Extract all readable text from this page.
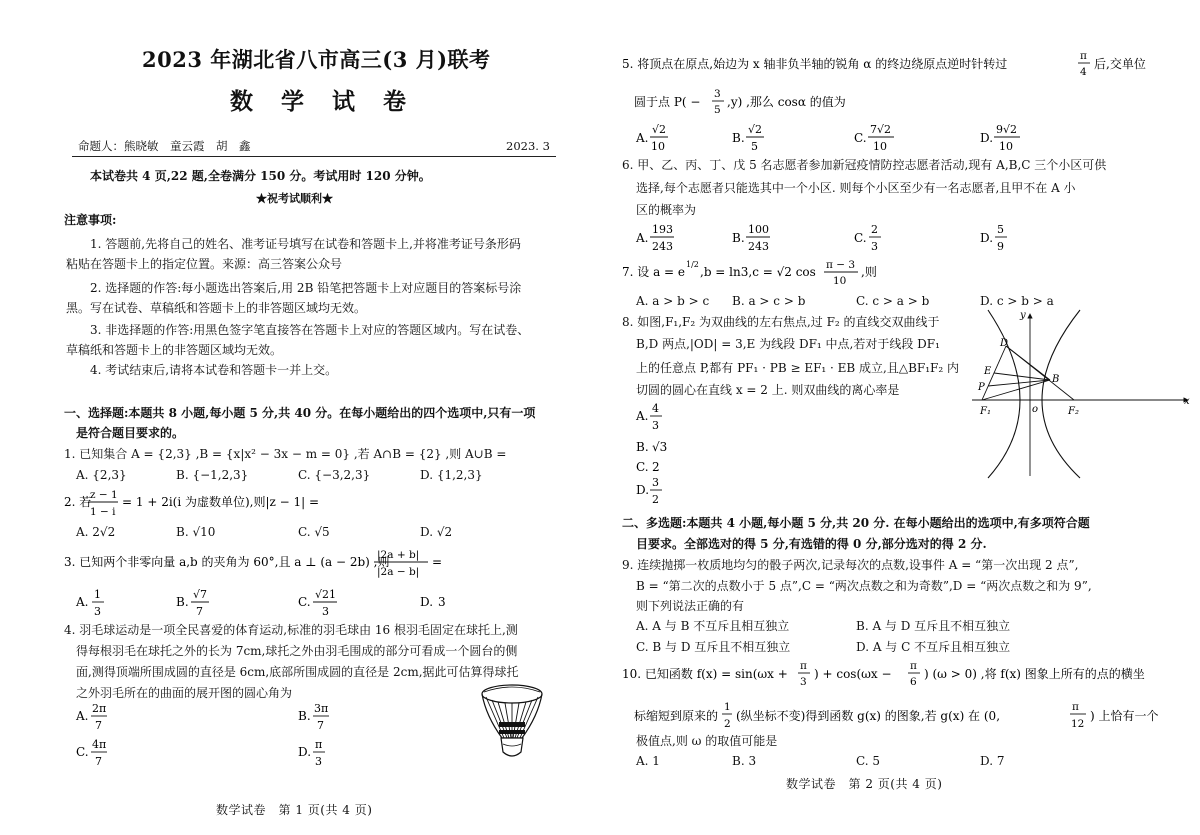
2023 年湖北省八市高三(3 月)联考
数 学 试 卷
命题人：熊晓敏　童云霞　胡　鑫	2023. 3
本试卷共 4 页,22 题,全卷满分 150 分。考试用时 120 分钟。
★祝考试顺利★
注意事项:
1. 答题前,先将自己的姓名、准考证号填写在试卷和答题卡上,并将准考证号条形码
粘贴在答题卡上的指定位置。来源：高三答案公众号
2. 选择题的作答:每小题选出答案后,用 2B 铅笔把答题卡上对应题目的答案标号涂
黑。写在试卷、草稿纸和答题卡上的非答题区域均无效。
3. 非选择题的作答:用黑色签字笔直接答在答题卡上对应的答题区域内。写在试卷、
草稿纸和答题卡上的非答题区域均无效。
4. 考试结束后,请将本试卷和答题卡一并上交。
一、选择题:本题共 8 小题,每小题 5 分,共 40 分。在每小题给出的四个选项中,只有一项
是符合题目要求的。
1. 已知集合 A = {2,3} ,B = {x|x² − 3x − m = 0} ,若 A∩B = {2} ,则 A∪B =
A. {2,3}	B. {−1,2,3}	C. {−3,2,3}	D. {1,2,3}
2. 若
z − 1
1 − i
= 1 + 2i(i 为虚数单位),则|z − 1| =
A. 2√2	B. √10	C. √5	D. √2
3. 已知两个非零向量 a,b 的夹角为 60°,且 a ⊥ (a − 2b) ,则
|2a + b|
|2a − b|
=
A.
1
3
B.
√7
7
C.
√21
3
D. 3
4. 羽毛球运动是一项全民喜爱的体育运动,标准的羽毛球由 16 根羽毛固定在球托上,测
得每根羽毛在球托之外的长为 7cm,球托之外由羽毛围成的部分可看成一个圆台的侧
面,测得顶端所围成圆的直径是 6cm,底部所围成圆的直径是 2cm,据此可估算得球托
之外羽毛所在的曲面的展开图的圆心角为
A.
2π
7
B.
3π
7
C.
4π
7
D.
π
3
数学试卷　第 1 页(共 4 页)
5. 将顶点在原点,始边为 x 轴非负半轴的锐角 α 的终边绕原点逆时针转过
π
4
后,交单位
圆于点 P( −
3
5
,y) ,那么 cosα 的值为
A.
√2
10
B.
√2
5
C.
7√2
10
D.
9√2
10
6. 甲、乙、丙、丁、戊 5 名志愿者参加新冠疫情防控志愿者活动,现有 A,B,C 三个小区可供
选择,每个志愿者只能选其中一个小区. 则每个小区至少有一名志愿者,且甲不在 A 小
区的概率为
A.
193
243
B.
100
243
C.
2
3
D.
5
9
7. 设 a = e
1/2
,b = ln3,c = √2 cos π − 3
10
,则
A. a > b > c B. a > c > b	C. c > a > b	D. c > b > a
8. 如图,F₁,F₂ 为双曲线的左右焦点,过 F₂ 的直线交双曲线于
B,D 两点,|OD| = 3,E 为线段 DF₁ 中点,若对于线段 DF₁
上的任意点 P,都有 PF₁ · PB ≥ EF₁ · EB 成立,且△BF₁F₂ 内
切圆的圆心在直线 x = 2 上. 则双曲线的离心率是
A.
4
3
B. √3
C. 2
D.
3
2
y
x
D
E
P
B
F₁	o	F₂
二、多选题:本题共 4 小题,每小题 5 分,共 20 分. 在每小题给出的选项中,有多项符合题
目要求。全部选对的得 5 分,有选错的得 0 分,部分选对的得 2 分.
9. 连续抛掷一枚质地均匀的骰子两次,记录每次的点数,设事件 A = “第一次出现 2 点”,
B = “第二次的点数小于 5 点”,C = “两次点数之和为奇数”,D = “两次点数之和为 9”,
则下列说法正确的有
A. A 与 B 不互斥且相互独立	B. A 与 D 互斥且不相互独立
C. B 与 D 互斥且不相互独立	D. A 与 C 不互斥且相互独立
10. 已知函数 f(x) = sin(ωx +
π
3
) + cos(ωx −
π
6
) (ω > 0) ,将 f(x) 图象上所有的点的横坐
标缩短到原来的
1
2
(纵坐标不变)得到函数 g(x) 的图象,若 g(x) 在 (0,
π
12
) 上恰有一个
极值点,则 ω 的取值可能是
A. 1	B. 3	C. 5	D. 7
数学试卷　第 2 页(共 4 页)
